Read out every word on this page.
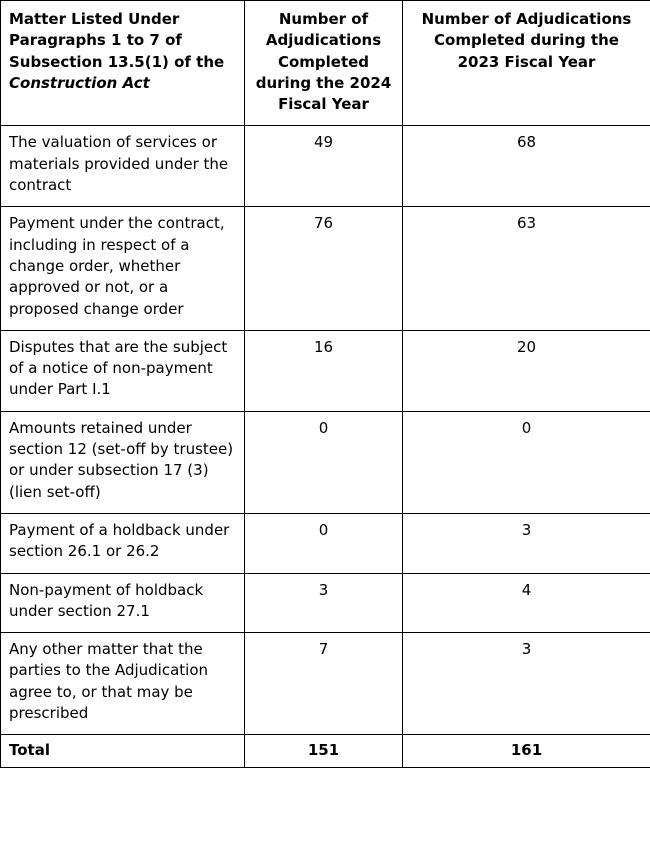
Matter Listed Under Paragraphs 1 to 7 of Subsection 13.5(1) of the Construction Act	Number of Adjudications Completed during the 2024 Fiscal Year	Number of Adjudications Completed during the 2023 Fiscal Year
The valuation of services or materials provided under the contract	49	68
Payment under the contract, including in respect of a change order, whether approved or not, or a proposed change order	76	63
Disputes that are the subject of a notice of non-payment under Part I.1	16	20
Amounts retained under section 12 (set-off by trustee) or under subsection 17 (3) (lien set-off)	0	0
Payment of a holdback under section 26.1 or 26.2	0	3
Non-payment of holdback under section 27.1	3	4
Any other matter that the parties to the Adjudication agree to, or that may be prescribed	7	3
Total	151	161
